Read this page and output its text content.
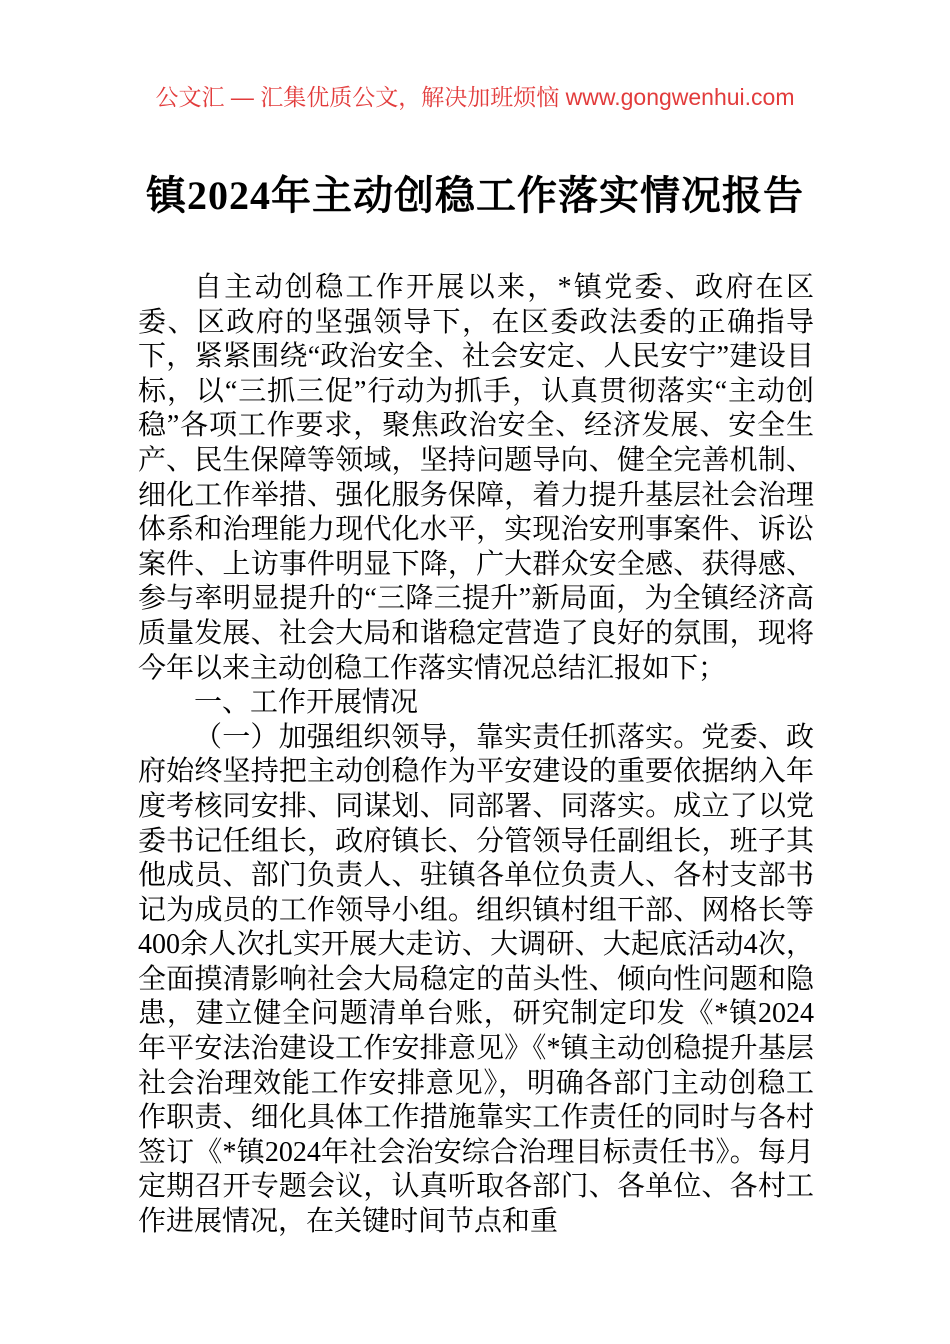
公文汇 — 汇集优质公文，解决加班烦恼 www.gongwenhui.com
镇2024年主动创稳工作落实情况报告

自主动创稳工作开展以来，*镇党委、政府在区委、区政府的坚强领导下，在区委政法委的正确指导下，紧紧围绕“政治安全、社会安定、人民安宁”建设目标，以“三抓三促”行动为抓手，认真贯彻落实“主动创稳”各项工作要求，聚焦政治安全、经济发展、安全生产、民生保障等领域，坚持问题导向、健全完善机制、细化工作举措、强化服务保障，着力提升基层社会治理体系和治理能力现代化水平，实现治安刑事案件、诉讼案件、上访事件明显下降，广大群众安全感、获得感、参与率明显提升的“三降三提升”新局面，为全镇经济高质量发展、社会大局和谐稳定营造了良好的氛围，现将今年以来主动创稳工作落实情况总结汇报如下；

一、工作开展情况

（一）加强组织领导，靠实责任抓落实。党委、政府始终坚持把主动创稳作为平安建设的重要依据纳入年度考核同安排、同谋划、同部署、同落实。成立了以党委书记任组长，政府镇长、分管领导任副组长，班子其他成员、部门负责人、驻镇各单位负责人、各村支部书记为成员的工作领导小组。组织镇村组干部、网格长等400余人次扎实开展大走访、大调研、大起底活动4次，全面摸清影响社会大局稳定的苗头性、倾向性问题和隐患，建立健全问题清单台账，研究制定印发《*镇2024年平安法治建设工作安排意见》《*镇主动创稳提升基层社会治理效能工作安排意见》，明确各部门主动创稳工作职责、细化具体工作措施靠实工作责任的同时与各村签订《*镇2024年社会治安综合治理目标责任书》。每月定期召开专题会议，认真听取各部门、各单位、各村工作进展情况，在关键时间节点和重
